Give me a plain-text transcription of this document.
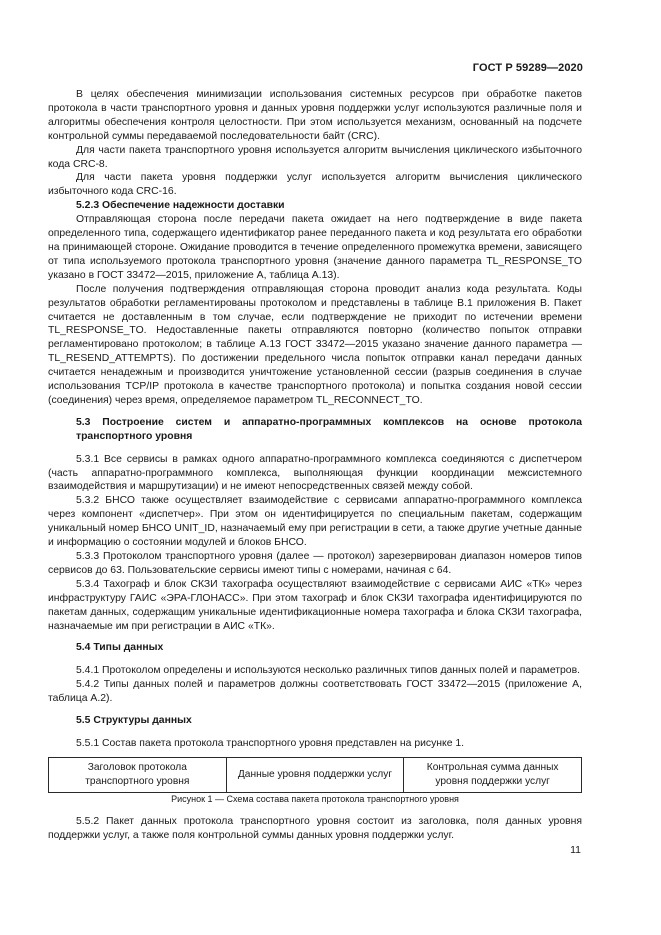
ГОСТ Р 59289—2020

В целях обеспечения минимизации использования системных ресурсов при обработке пакетов протокола в части транспортного уровня и данных уровня поддержки услуг используются различные поля и алгоритмы обеспечения контроля целостности. При этом используется механизм, основанный на подсчете контрольной суммы передаваемой последовательности байт (CRC).

Для части пакета транспортного уровня используется алгоритм вычисления циклического избыточного кода CRC-8.

Для части пакета уровня поддержки услуг используется алгоритм вычисления циклического избыточного кода CRC-16.

5.2.3 Обеспечение надежности доставки

Отправляющая сторона после передачи пакета ожидает на него подтверждение в виде пакета определенного типа, содержащего идентификатор ранее переданного пакета и код результата его обработки на принимающей стороне. Ожидание проводится в течение определенного промежутка времени, зависящего от типа используемого протокола транспортного уровня (значение данного параметра TL_RESPONSE_TO указано в ГОСТ 33472—2015, приложение А, таблица А.13).

После получения подтверждения отправляющая сторона проводит анализ кода результата. Коды результатов обработки регламентированы протоколом и представлены в таблице В.1 приложения В. Пакет считается не доставленным в том случае, если подтверждение не приходит по истечении времени TL_RESPONSE_TO. Недоставленные пакеты отправляются повторно (количество попыток отправки регламентировано протоколом; в таблице А.13 ГОСТ 33472—2015 указано значение данного параметра — TL_RESEND_ATTEMPTS). По достижении предельного числа попыток отправки канал передачи данных считается ненадежным и производится уничтожение установленной сессии (разрыв соединения в случае использования TCP/IP протокола в качестве транспортного протокола) и попытка создания новой сессии (соединения) через время, определяемое параметром TL_RECONNECT_TO.

5.3 Построение систем и аппаратно-программных комплексов на основе протокола транспортного уровня

5.3.1 Все сервисы в рамках одного аппаратно-программного комплекса соединяются с диспетчером (часть аппаратно-программного комплекса, выполняющая функции координации межсистемного взаимодействия и маршрутизации) и не имеют непосредственных связей между собой.

5.3.2 БНСО также осуществляет взаимодействие с сервисами аппаратно-программного комплекса через компонент «диспетчер». При этом он идентифицируется по специальным пакетам, содержащим уникальный номер БНСО UNIT_ID, назначаемый ему при регистрации в сети, а также другие учетные данные и информацию о состоянии модулей и блоков БНСО.

5.3.3 Протоколом транспортного уровня (далее — протокол) зарезервирован диапазон номеров типов сервисов до 63. Пользовательские сервисы имеют типы с номерами, начиная с 64.

5.3.4 Тахограф и блок СКЗИ тахографа осуществляют взаимодействие с сервисами АИС «ТК» через инфраструктуру ГАИС «ЭРА-ГЛОНАСС». При этом тахограф и блок СКЗИ тахографа идентифицируются по пакетам данных, содержащим уникальные идентификационные номера тахографа и блока СКЗИ тахографа, назначаемые им при регистрации в АИС «ТК».

5.4 Типы данных

5.4.1 Протоколом определены и используются несколько различных типов данных полей и параметров.

5.4.2 Типы данных полей и параметров должны соответствовать ГОСТ 33472—2015 (приложение А, таблица А.2).

5.5 Структуры данных

5.5.1 Состав пакета протокола транспортного уровня представлен на рисунке 1.

Заголовок протокола транспортного уровня	Данные уровня поддержки услуг	Контрольная сумма данных уровня поддержки услуг

Рисунок 1 — Схема состава пакета протокола транспортного уровня

5.5.2 Пакет данных протокола транспортного уровня состоит из заголовка, поля данных уровня поддержки услуг, а также поля контрольной суммы данных уровня поддержки услуг.

11
